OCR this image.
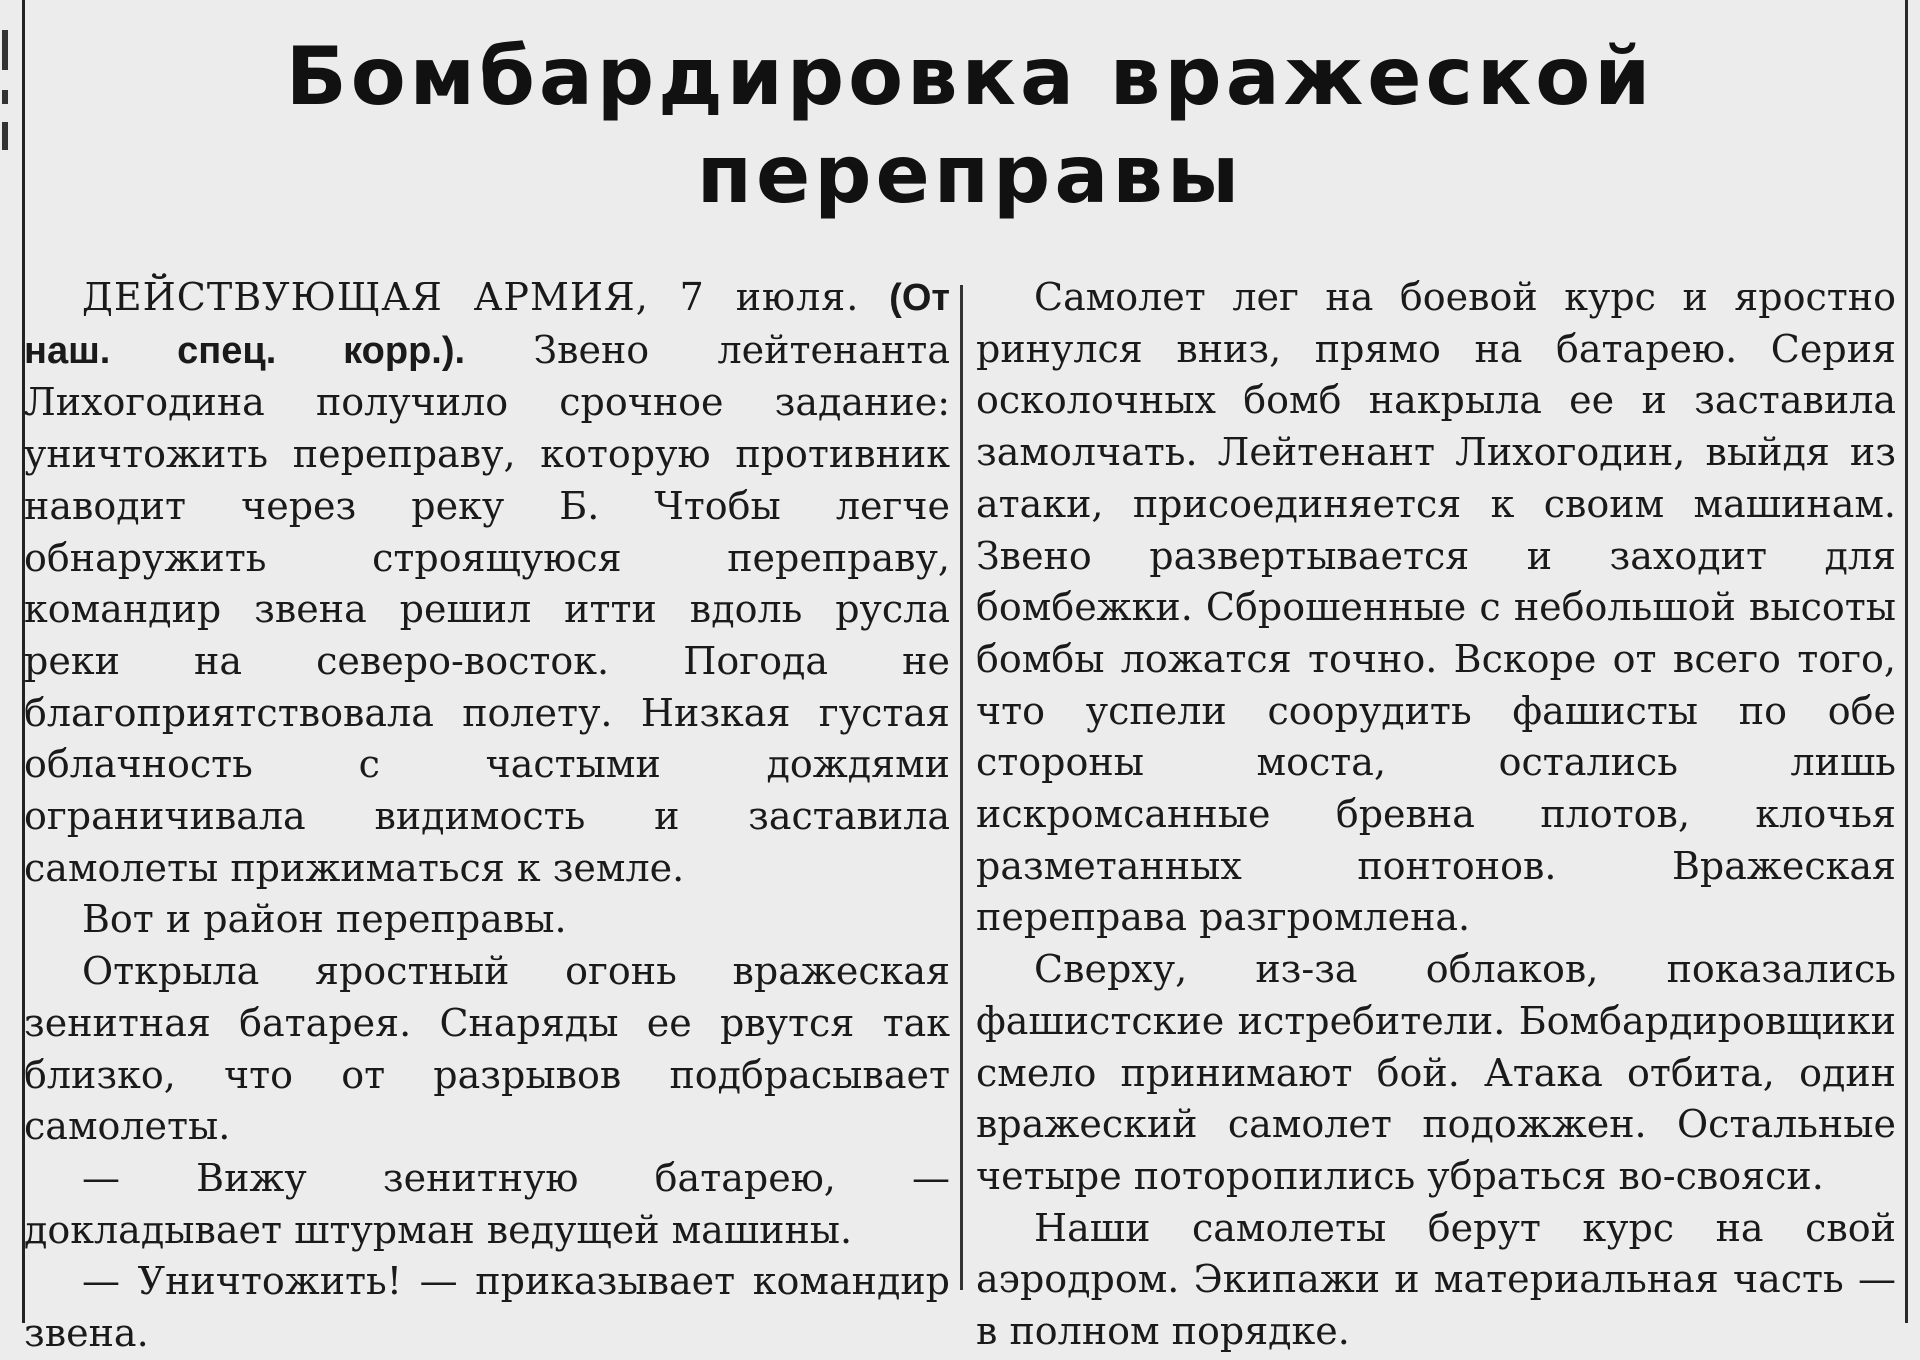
Бомбардировка вражеской
переправы

ДЕЙСТВУЮЩАЯ АРМИЯ, 7 июля. (От наш. спец. корр.). Звено лейтенанта Лихогодина получило срочное задание: уничтожить переправу, которую противник наводит через реку Б. Чтобы легче обнаружить строящуюся переправу, командир звена решил итти вдоль русла реки на северо-восток. Погода не благоприятствовала полету. Низкая густая облачность с частыми дождями ограничивала видимость и заставила самолеты прижиматься к земле.

Вот и район переправы.

Открыла яростный огонь вражеская зенитная батарея. Снаряды ее рвутся так близко, что от разрывов подбрасывает самолеты.

— Вижу зенитную батарею, — докладывает штурман ведущей машины.

— Уничтожить! — приказывает командир звена.

Самолет лег на боевой курс и яростно ринулся вниз, прямо на батарею. Серия осколочных бомб накрыла ее и заставила замолчать. Лейтенант Лихогодин, выйдя из атаки, присоединяется к своим машинам. Звено развертывается и заходит для бомбежки. Сброшенные с небольшой высоты бомбы ложатся точно. Вскоре от всего того, что успели соорудить фашисты по обе стороны моста, остались лишь искромсанные бревна плотов, клочья разметанных понтонов. Вражеская переправа разгромлена.

Сверху, из-за облаков, показались фашистские истребители. Бомбардировщики смело принимают бой. Атака отбита, один вражеский самолет подожжен. Остальные четыре поторопились убраться во-свояси.

Наши самолеты берут курс на свой аэродром. Экипажи и материальная часть — в полном порядке.
